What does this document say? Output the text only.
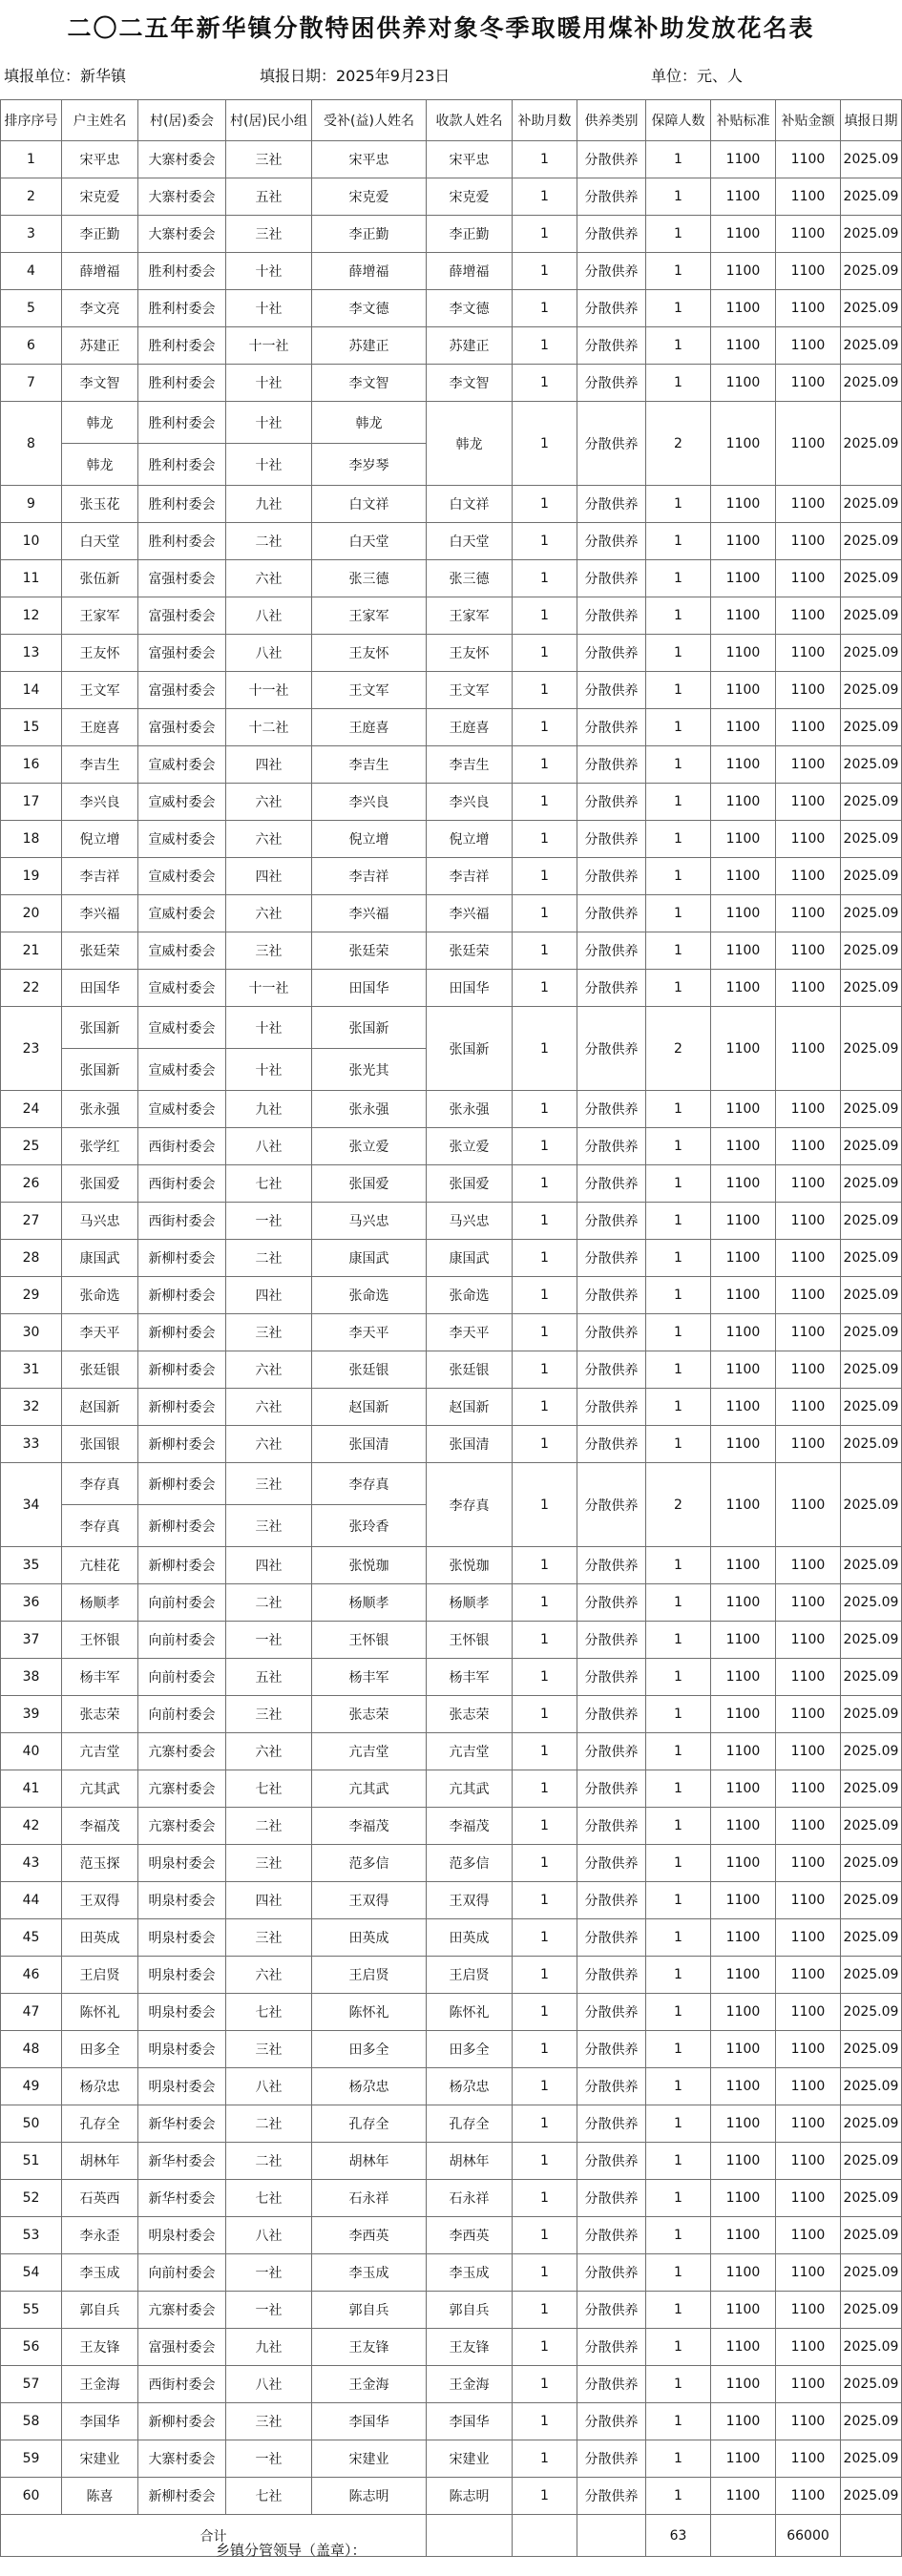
二〇二五年新华镇分散特困供养对象冬季取暖用煤补助发放花名表
填报单位：新华镇	填报日期：2025年9月23日	单位：元、人
排序序号	户主姓名	村(居)委会	村(居)民小组	受补(益)人姓名	收款人姓名	补助月数	供养类别	保障人数	补贴标准	补贴金额	填报日期
1	宋平忠	大寨村委会	三社	宋平忠	宋平忠	1	分散供养	1	1100	1100	2025.09
2	宋克爱	大寨村委会	五社	宋克爱	宋克爱	1	分散供养	1	1100	1100	2025.09
3	李正勤	大寨村委会	三社	李正勤	李正勤	1	分散供养	1	1100	1100	2025.09
4	薛增福	胜利村委会	十社	薛增福	薛增福	1	分散供养	1	1100	1100	2025.09
5	李文亮	胜利村委会	十社	李文德	李文德	1	分散供养	1	1100	1100	2025.09
6	苏建正	胜利村委会	十一社	苏建正	苏建正	1	分散供养	1	1100	1100	2025.09
7	李文智	胜利村委会	十社	李文智	李文智	1	分散供养	1	1100	1100	2025.09
8	韩龙	胜利村委会	十社	韩龙	韩龙	1	分散供养	2	1100	1100	2025.09
	韩龙	胜利村委会	十社	李岁琴							
9	张玉花	胜利村委会	九社	白文祥	白文祥	1	分散供养	1	1100	1100	2025.09
10	白天堂	胜利村委会	二社	白天堂	白天堂	1	分散供养	1	1100	1100	2025.09
11	张伍新	富强村委会	六社	张三德	张三德	1	分散供养	1	1100	1100	2025.09
12	王家军	富强村委会	八社	王家军	王家军	1	分散供养	1	1100	1100	2025.09
13	王友怀	富强村委会	八社	王友怀	王友怀	1	分散供养	1	1100	1100	2025.09
14	王文军	富强村委会	十一社	王文军	王文军	1	分散供养	1	1100	1100	2025.09
15	王庭喜	富强村委会	十二社	王庭喜	王庭喜	1	分散供养	1	1100	1100	2025.09
16	李吉生	宣威村委会	四社	李吉生	李吉生	1	分散供养	1	1100	1100	2025.09
17	李兴良	宣威村委会	六社	李兴良	李兴良	1	分散供养	1	1100	1100	2025.09
18	倪立增	宣威村委会	六社	倪立增	倪立增	1	分散供养	1	1100	1100	2025.09
19	李吉祥	宣威村委会	四社	李吉祥	李吉祥	1	分散供养	1	1100	1100	2025.09
20	李兴福	宣威村委会	六社	李兴福	李兴福	1	分散供养	1	1100	1100	2025.09
21	张廷荣	宣威村委会	三社	张廷荣	张廷荣	1	分散供养	1	1100	1100	2025.09
22	田国华	宣威村委会	十一社	田国华	田国华	1	分散供养	1	1100	1100	2025.09
23	张国新	宣威村委会	十社	张国新	张国新	1	分散供养	2	1100	1100	2025.09
	张国新	宣威村委会	十社	张光其							
24	张永强	宣威村委会	九社	张永强	张永强	1	分散供养	1	1100	1100	2025.09
25	张学红	西街村委会	八社	张立爱	张立爱	1	分散供养	1	1100	1100	2025.09
26	张国爱	西街村委会	七社	张国爱	张国爱	1	分散供养	1	1100	1100	2025.09
27	马兴忠	西街村委会	一社	马兴忠	马兴忠	1	分散供养	1	1100	1100	2025.09
28	康国武	新柳村委会	二社	康国武	康国武	1	分散供养	1	1100	1100	2025.09
29	张命选	新柳村委会	四社	张命选	张命选	1	分散供养	1	1100	1100	2025.09
30	李天平	新柳村委会	三社	李天平	李天平	1	分散供养	1	1100	1100	2025.09
31	张廷银	新柳村委会	六社	张廷银	张廷银	1	分散供养	1	1100	1100	2025.09
32	赵国新	新柳村委会	六社	赵国新	赵国新	1	分散供养	1	1100	1100	2025.09
33	张国银	新柳村委会	六社	张国清	张国清	1	分散供养	1	1100	1100	2025.09
34	李存真	新柳村委会	三社	李存真	李存真	1	分散供养	2	1100	1100	2025.09
	李存真	新柳村委会	三社	张玲香							
35	亢桂花	新柳村委会	四社	张悦珈	张悦珈	1	分散供养	1	1100	1100	2025.09
36	杨顺孝	向前村委会	二社	杨顺孝	杨顺孝	1	分散供养	1	1100	1100	2025.09
37	王怀银	向前村委会	一社	王怀银	王怀银	1	分散供养	1	1100	1100	2025.09
38	杨丰军	向前村委会	五社	杨丰军	杨丰军	1	分散供养	1	1100	1100	2025.09
39	张志荣	向前村委会	三社	张志荣	张志荣	1	分散供养	1	1100	1100	2025.09
40	亢吉堂	亢寨村委会	六社	亢吉堂	亢吉堂	1	分散供养	1	1100	1100	2025.09
41	亢其武	亢寨村委会	七社	亢其武	亢其武	1	分散供养	1	1100	1100	2025.09
42	李福茂	亢寨村委会	二社	李福茂	李福茂	1	分散供养	1	1100	1100	2025.09
43	范玉探	明泉村委会	三社	范多信	范多信	1	分散供养	1	1100	1100	2025.09
44	王双得	明泉村委会	四社	王双得	王双得	1	分散供养	1	1100	1100	2025.09
45	田英成	明泉村委会	三社	田英成	田英成	1	分散供养	1	1100	1100	2025.09
46	王启贤	明泉村委会	六社	王启贤	王启贤	1	分散供养	1	1100	1100	2025.09
47	陈怀礼	明泉村委会	七社	陈怀礼	陈怀礼	1	分散供养	1	1100	1100	2025.09
48	田多全	明泉村委会	三社	田多全	田多全	1	分散供养	1	1100	1100	2025.09
49	杨尕忠	明泉村委会	八社	杨尕忠	杨尕忠	1	分散供养	1	1100	1100	2025.09
50	孔存全	新华村委会	二社	孔存全	孔存全	1	分散供养	1	1100	1100	2025.09
51	胡林年	新华村委会	二社	胡林年	胡林年	1	分散供养	1	1100	1100	2025.09
52	石英西	新华村委会	七社	石永祥	石永祥	1	分散供养	1	1100	1100	2025.09
53	李永歪	明泉村委会	八社	李西英	李西英	1	分散供养	1	1100	1100	2025.09
54	李玉成	向前村委会	一社	李玉成	李玉成	1	分散供养	1	1100	1100	2025.09
55	郭自兵	亢寨村委会	一社	郭自兵	郭自兵	1	分散供养	1	1100	1100	2025.09
56	王友锋	富强村委会	九社	王友锋	王友锋	1	分散供养	1	1100	1100	2025.09
57	王金海	西街村委会	八社	王金海	王金海	1	分散供养	1	1100	1100	2025.09
58	李国华	新柳村委会	三社	李国华	李国华	1	分散供养	1	1100	1100	2025.09
59	宋建业	大寨村委会	一社	宋建业	宋建业	1	分散供养	1	1100	1100	2025.09
60	陈喜	新柳村委会	七社	陈志明	陈志明	1	分散供养	1	1100	1100	2025.09
合计								63		66000	
乡镇分管领导（盖章）：
